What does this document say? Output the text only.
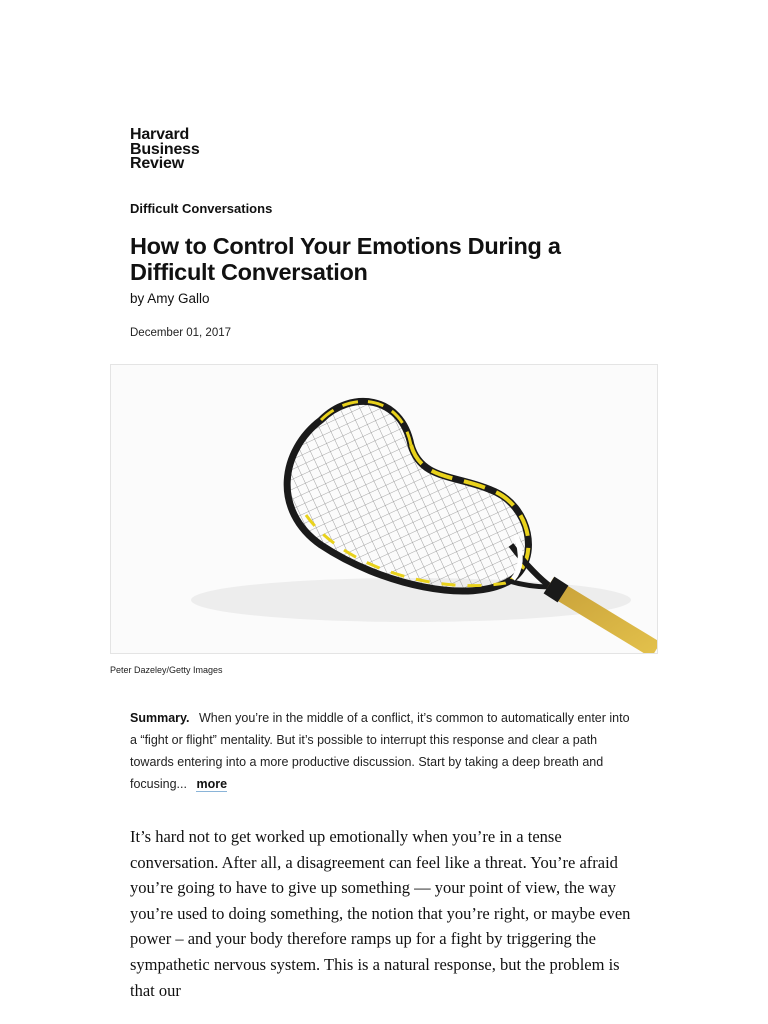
Harvard
Business
Review
Difficult Conversations
How to Control Your Emotions During a Difficult Conversation
by Amy Gallo
December 01, 2017
Peter Dazeley/Getty Images
Summary. When you’re in the middle of a conflict, it’s common to automatically enter into a “fight or flight” mentality. But it’s possible to interrupt this response and clear a path towards entering into a more productive discussion. Start by taking a deep breath and focusing... more

It’s hard not to get worked up emotionally when you’re in a tense conversation. After all, a disagreement can feel like a threat. You’re afraid you’re going to have to give up something — your point of view, the way you’re used to doing something, the notion that you’re right, or maybe even power – and your body therefore ramps up for a fight by triggering the sympathetic nervous system. This is a natural response, but the problem is that our
